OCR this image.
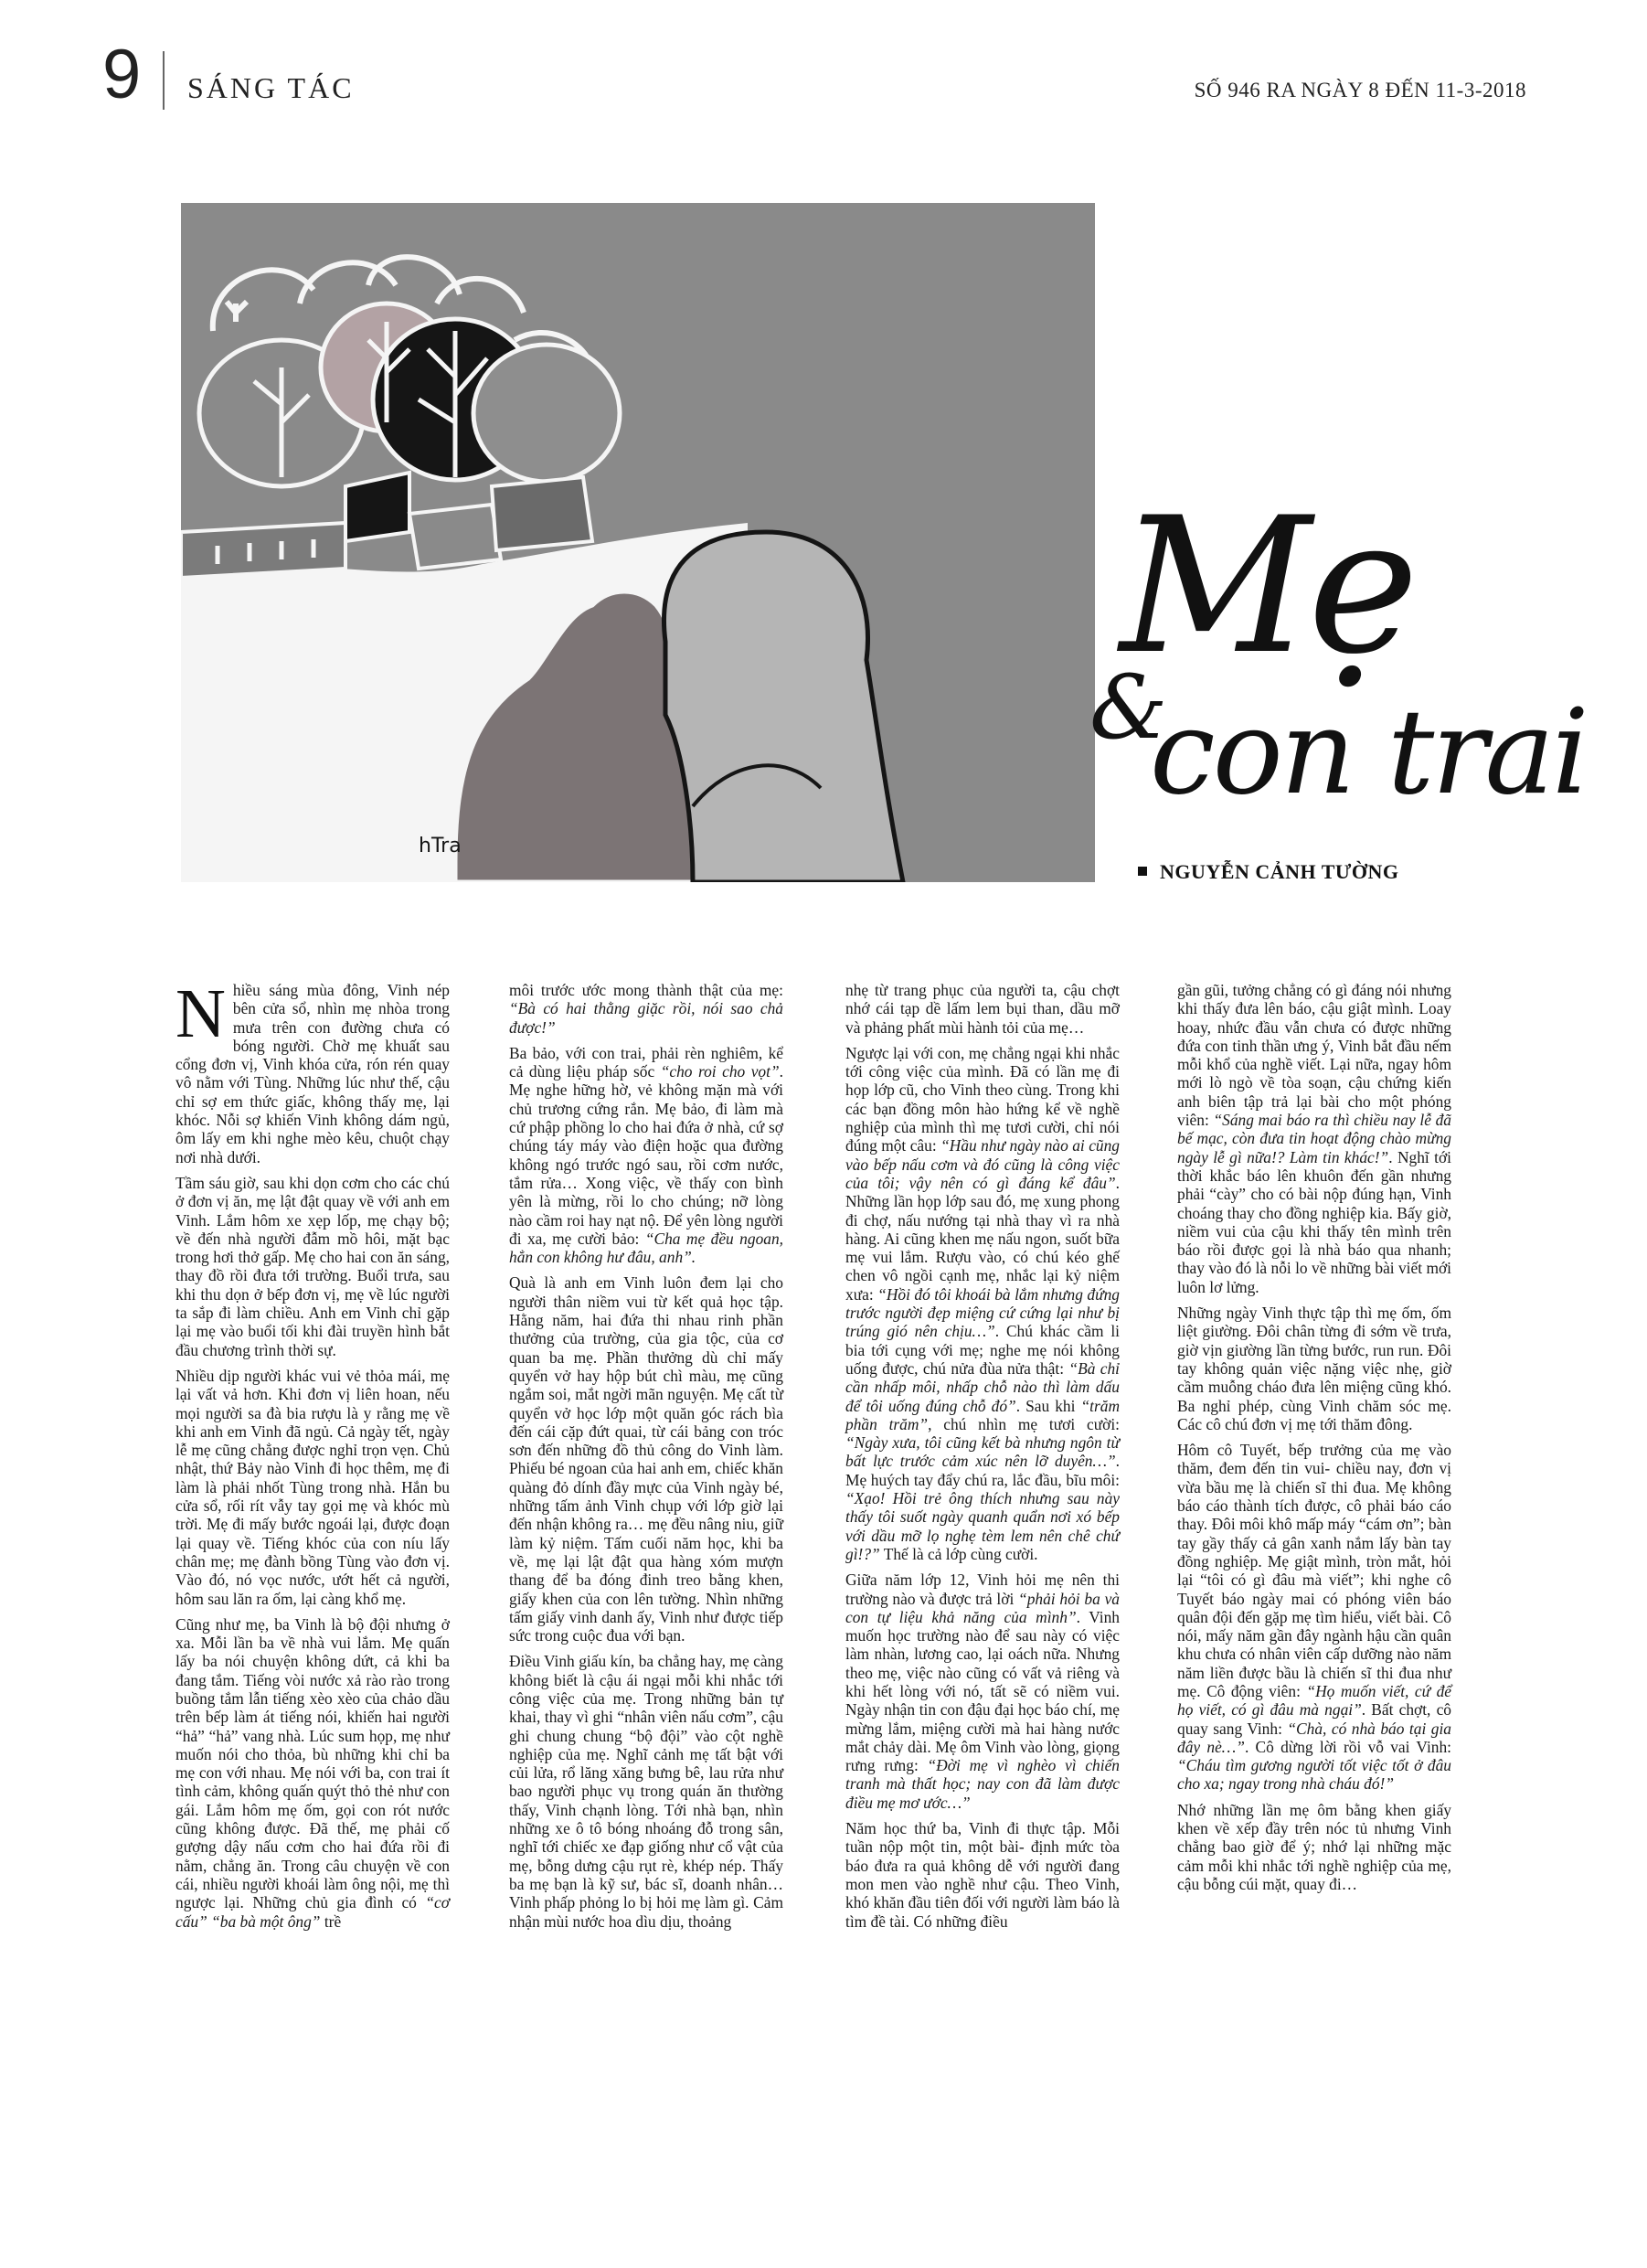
9 SÁNG TÁC	SỐ 946 RA NGÀY 8 ĐẾN 11-3-2018
hTra
Mẹ
&
con trai
NGUYỄN CẢNH TƯỜNG

Nhiều sáng mùa đông, Vinh nép bên cửa sổ, nhìn mẹ nhòa trong mưa trên con đường chưa có bóng người. Chờ mẹ khuất sau cổng đơn vị, Vinh khóa cửa, rón rén quay vô nằm với Tùng. Những lúc như thế, cậu chỉ sợ em thức giấc, không thấy mẹ, lại khóc. Nỗi sợ khiến Vinh không dám ngủ, ôm lấy em khi nghe mèo kêu, chuột chạy nơi nhà dưới.

Tầm sáu giờ, sau khi dọn cơm cho các chú ở đơn vị ăn, mẹ lật đật quay về với anh em Vinh. Lắm hôm xe xẹp lốp, mẹ chạy bộ; về đến nhà người đẫm mồ hôi, mặt bạc trong hơi thở gấp. Mẹ cho hai con ăn sáng, thay đồ rồi đưa tới trường. Buổi trưa, sau khi thu dọn ở bếp đơn vị, mẹ về lúc người ta sắp đi làm chiều. Anh em Vinh chỉ gặp lại mẹ vào buổi tối khi đài truyền hình bắt đầu chương trình thời sự.

Nhiều dịp người khác vui vẻ thỏa mái, mẹ lại vất vả hơn. Khi đơn vị liên hoan, nếu mọi người sa đà bia rượu là y rằng mẹ về khi anh em Vinh đã ngủ. Cả ngày tết, ngày lễ mẹ cũng chẳng được nghỉ trọn vẹn. Chủ nhật, thứ Bảy nào Vinh đi học thêm, mẹ đi làm là phải nhốt Tùng trong nhà. Hắn bu cửa sổ, rối rít vẫy tay gọi mẹ và khóc mù trời. Mẹ đi mấy bước ngoái lại, được đoạn lại quay về. Tiếng khóc của con níu lấy chân mẹ; mẹ đành bồng Tùng vào đơn vị. Vào đó, nó vọc nước, ướt hết cả người, hôm sau lăn ra ốm, lại càng khổ mẹ.

Cũng như mẹ, ba Vinh là bộ đội nhưng ở xa. Mỗi lần ba về nhà vui lắm. Mẹ quấn lấy ba nói chuyện không dứt, cả khi ba đang tắm. Tiếng vòi nước xả rào rào trong buồng tắm lẫn tiếng xèo xèo của chảo dầu trên bếp làm át tiếng nói, khiến hai người “hả” “hả” vang nhà. Lúc sum họp, mẹ như muốn nói cho thỏa, bù những khi chỉ ba mẹ con với nhau. Mẹ nói với ba, con trai ít tình cảm, không quấn quýt thỏ thẻ như con gái. Lắm hôm mẹ ốm, gọi con rót nước cũng không được. Đã thế, mẹ phải cố gượng dậy nấu cơm cho hai đứa rồi đi nằm, chẳng ăn. Trong câu chuyện về con cái, nhiều người khoái làm ông nội, mẹ thì ngược lại. Những chủ gia đình có “cơ cấu” “ba bà một ông” trề

môi trước ước mong thành thật của mẹ: “Bà có hai thằng giặc rồi, nói sao chả được!”

Ba bảo, với con trai, phải rèn nghiêm, kể cả dùng liệu pháp sốc “cho roi cho vọt”. Mẹ nghe hững hờ, vẻ không mặn mà với chủ trương cứng rắn. Mẹ bảo, đi làm mà cứ phập phồng lo cho hai đứa ở nhà, cứ sợ chúng táy máy vào điện hoặc qua đường không ngó trước ngó sau, rồi cơm nước, tắm rửa… Xong việc, về thấy con bình yên là mừng, rồi lo cho chúng; nỡ lòng nào cầm roi hay nạt nộ. Để yên lòng người đi xa, mẹ cười bảo: “Cha mẹ đều ngoan, hẳn con không hư đâu, anh”.

Quà là anh em Vinh luôn đem lại cho người thân niềm vui từ kết quả học tập. Hằng năm, hai đứa thi nhau rinh phần thưởng của trường, của gia tộc, của cơ quan ba mẹ. Phần thưởng dù chỉ mấy quyển vở hay hộp bút chì màu, mẹ cũng ngắm soi, mắt ngời mãn nguyện. Mẹ cất từ quyển vở học lớp một quăn góc rách bìa đến cái cặp đứt quai, từ cái bảng con tróc sơn đến những đồ thủ công do Vinh làm. Phiếu bé ngoan của hai anh em, chiếc khăn quàng đỏ dính đầy mực của Vinh ngày bé, những tấm ảnh Vinh chụp với lớp giờ lại đến nhận không ra… mẹ đều nâng niu, giữ làm kỷ niệm. Tấm cuối năm học, khi ba về, mẹ lại lật đật qua hàng xóm mượn thang để ba đóng đinh treo bằng khen, giấy khen của con lên tường. Nhìn những tấm giấy vinh danh ấy, Vinh như được tiếp sức trong cuộc đua với bạn.

Điều Vinh giấu kín, ba chẳng hay, mẹ càng không biết là cậu ái ngại mỗi khi nhắc tới công việc của mẹ. Trong những bản tự khai, thay vì ghi “nhân viên nấu cơm”, cậu ghi chung chung “bộ đội” vào cột nghề nghiệp của mẹ. Nghĩ cảnh mẹ tất bật với củi lửa, rổ lăng xăng bưng bê, lau rửa như bao người phục vụ trong quán ăn thường thấy, Vinh chạnh lòng. Tới nhà bạn, nhìn những xe ô tô bóng nhoáng đỗ trong sân, nghĩ tới chiếc xe đạp giống như cổ vật của mẹ, bỗng dưng cậu rụt rè, khép nép. Thấy ba mẹ bạn là kỹ sư, bác sĩ, doanh nhân… Vinh phấp phỏng lo bị hỏi mẹ làm gì. Cảm nhận mùi nước hoa dìu dịu, thoảng

nhẹ từ trang phục của người ta, cậu chợt nhớ cái tạp dề lấm lem bụi than, dầu mỡ và phảng phất mùi hành tỏi của mẹ…

Ngược lại với con, mẹ chẳng ngại khi nhắc tới công việc của mình. Đã có lần mẹ đi họp lớp cũ, cho Vinh theo cùng. Trong khi các bạn đồng môn hào hứng kể về nghề nghiệp của mình thì mẹ tươi cười, chỉ nói đúng một câu: “Hầu như ngày nào ai cũng vào bếp nấu cơm và đó cũng là công việc của tôi; vậy nên có gì đáng kể đâu”. Những lần họp lớp sau đó, mẹ xung phong đi chợ, nấu nướng tại nhà thay vì ra nhà hàng. Ai cũng khen mẹ nấu ngon, suốt bữa mẹ vui lắm. Rượu vào, có chú kéo ghế chen vô ngồi cạnh mẹ, nhắc lại kỷ niệm xưa: “Hồi đó tôi khoái bà lắm nhưng đứng trước người đẹp miệng cứ cứng lại như bị trúng gió nên chịu…”. Chú khác cầm li bia tới cụng với mẹ; nghe mẹ nói không uống được, chú nửa đùa nửa thật: “Bà chỉ cần nhấp môi, nhấp chỗ nào thì làm dấu để tôi uống đúng chỗ đó”. Sau khi “trăm phần trăm”, chú nhìn mẹ tươi cười: “Ngày xưa, tôi cũng kết bà nhưng ngôn từ bất lực trước cảm xúc nên lỡ duyên…”. Mẹ huých tay đẩy chú ra, lắc đầu, bĩu môi: “Xạo! Hồi trẻ ông thích nhưng sau này thấy tôi suốt ngày quanh quẩn nơi xó bếp với dầu mỡ lọ nghẹ tèm lem nên chê chứ gì!?” Thế là cả lớp cùng cười.

Giữa năm lớp 12, Vinh hỏi mẹ nên thi trường nào và được trả lời “phải hỏi ba và con tự liệu khả năng của mình”. Vinh muốn học trường nào để sau này có việc làm nhàn, lương cao, lại oách nữa. Nhưng theo mẹ, việc nào cũng có vất vả riêng và khi hết lòng với nó, tất sẽ có niềm vui. Ngày nhận tin con đậu đại học báo chí, mẹ mừng lắm, miệng cười mà hai hàng nước mắt chảy dài. Mẹ ôm Vinh vào lòng, giọng rưng rưng: “Đời mẹ vì nghèo vì chiến tranh mà thất học; nay con đã làm được điều mẹ mơ ước…”

Năm học thứ ba, Vinh đi thực tập. Mỗi tuần nộp một tin, một bài- định mức tòa báo đưa ra quả không dễ với người đang mon men vào nghề như cậu. Theo Vinh, khó khăn đầu tiên đối với người làm báo là tìm đề tài. Có những điều

gần gũi, tưởng chẳng có gì đáng nói nhưng khi thấy đưa lên báo, cậu giật mình. Loay hoay, nhức đầu vẫn chưa có được những đứa con tinh thần ưng ý, Vinh bắt đầu nếm mỗi khổ của nghề viết. Lại nữa, ngay hôm mới lò ngò về tòa soạn, cậu chứng kiến anh biên tập trả lại bài cho một phóng viên: “Sáng mai báo ra thì chiều nay lễ đã bế mạc, còn đưa tin hoạt động chào mừng ngày lễ gì nữa!? Làm tin khác!”. Nghĩ tới thời khắc báo lên khuôn đến gần nhưng phải “cày” cho có bài nộp đúng hạn, Vinh choáng thay cho đồng nghiệp kia. Bấy giờ, niềm vui của cậu khi thấy tên mình trên báo rồi được gọi là nhà báo qua nhanh; thay vào đó là nỗi lo về những bài viết mới luôn lơ lửng.

Những ngày Vinh thực tập thì mẹ ốm, ốm liệt giường. Đôi chân từng đi sớm về trưa, giờ vịn giường lần từng bước, run run. Đôi tay không quản việc nặng việc nhẹ, giờ cầm muỗng cháo đưa lên miệng cũng khó. Ba nghỉ phép, cùng Vinh chăm sóc mẹ. Các cô chú đơn vị mẹ tới thăm đông.

Hôm cô Tuyết, bếp trưởng của mẹ vào thăm, đem đến tin vui- chiều nay, đơn vị vừa bầu mẹ là chiến sĩ thi đua. Mẹ không báo cáo thành tích được, cô phải báo cáo thay. Đôi môi khô mấp máy “cám ơn”; bàn tay gầy thấy cả gân xanh nắm lấy bàn tay đồng nghiệp. Mẹ giật mình, tròn mắt, hỏi lại “tôi có gì đâu mà viết”; khi nghe cô Tuyết báo ngày mai có phóng viên báo quân đội đến gặp mẹ tìm hiểu, viết bài. Cô nói, mấy năm gần đây ngành hậu cần quân khu chưa có nhân viên cấp dưỡng nào năm năm liền được bầu là chiến sĩ thi đua như mẹ. Cô động viên: “Họ muốn viết, cứ để họ viết, có gì đâu mà ngại”. Bất chợt, cô quay sang Vinh: “Chà, có nhà báo tại gia đây nè…”. Cô dừng lời rồi vỗ vai Vinh: “Cháu tìm gương người tốt việc tốt ở đâu cho xa; ngay trong nhà cháu đó!”

Nhớ những lần mẹ ôm bằng khen giấy khen về xếp đầy trên nóc tủ nhưng Vinh chẳng bao giờ để ý; nhớ lại những mặc cảm mỗi khi nhắc tới nghề nghiệp của mẹ, cậu bỗng cúi mặt, quay đi…
